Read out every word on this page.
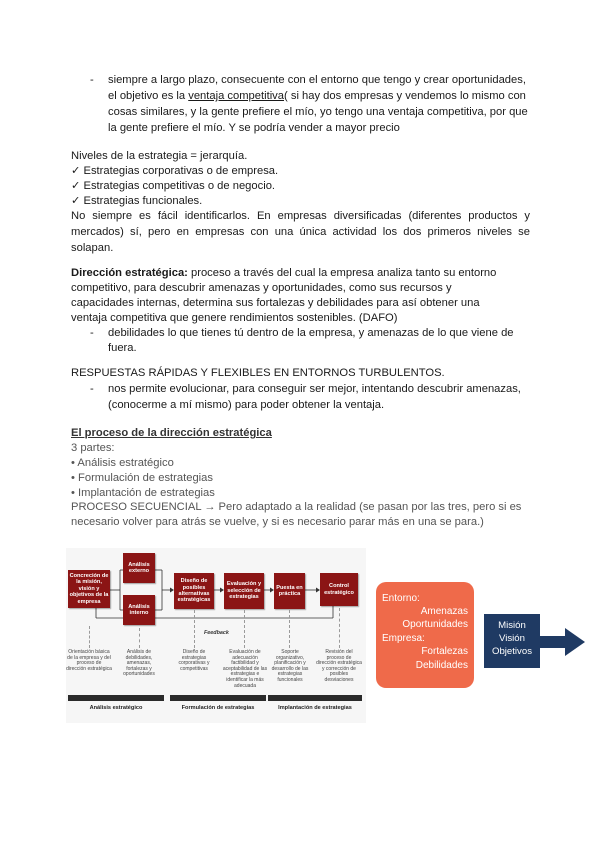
- siempre a largo plazo, consecuente con el entorno que tengo y crear oportunidades,
el objetivo es la ventaja competitiva( si hay dos empresas y vendemos lo mismo con
cosas similares, y la gente prefiere el mío, yo tengo una ventaja competitiva, por que
la gente prefiere el mío. Y se podría vender a mayor precio
Niveles de la estrategia = jerarquía.
✓ Estrategias corporativas o de empresa.
✓ Estrategias competitivas o de negocio.
✓ Estrategias funcionales.
No siempre es fácil identificarlos. En empresas diversificadas (diferentes productos y mercados) sí, pero en empresas con una única actividad los dos primeros niveles se solapan.
Dirección estratégica: proceso a través del cual la empresa analiza tanto su entorno
competitivo, para descubrir amenazas y oportunidades, como sus recursos y
capacidades internas, determina sus fortalezas y debilidades para así obtener una
ventaja competitiva que genere rendimientos sostenibles. (DAFO)
- debilidades lo que tienes tú dentro de la empresa, y amenazas de lo que viene de
fuera.
RESPUESTAS RÁPIDAS Y FLEXIBLES EN ENTORNOS TURBULENTOS.
- nos permite evolucionar, para conseguir ser mejor, intentando descubrir amenazas,
(conocerme a mí mismo) para poder obtener la ventaja.
El proceso de la dirección estratégica
3 partes:
• Análisis estratégico
• Formulación de estrategias
• Implantación de estrategias
PROCESO SECUENCIAL → Pero adaptado a la realidad (se pasan por las tres, pero si es
necesario volver para atrás se vuelve, y si es necesario parar más en una se para.)
Concreción de la misión, visión y objetivos de la empresa
Análisis externo
Análisis interno
Diseño de posibles alternativas estratégicas
Evaluación y selección de estrategias
Puesta en práctica
Control estratégico
Feedback
Orientación básica de la empresa y del proceso de dirección estratégica
Análisis de debilidades, amenazas, fortalezas y oportunidades
Diseño de estrategias corporativas y competitivas
Evaluación de adecuación factibilidad y aceptabilidad de las estrategias e identificar la más adecuada
Soporte organizativo, planificación y desarrollo de las estrategias funcionales
Revisión del proceso de dirección estratégica y corrección de posibles desviaciones
Análisis estratégico	Formulación de estrategias	Implantación de estrategias
Entorno:
Amenazas
Oportunidades
Empresa:
Fortalezas
Debilidades
Misión
Visión
Objetivos
